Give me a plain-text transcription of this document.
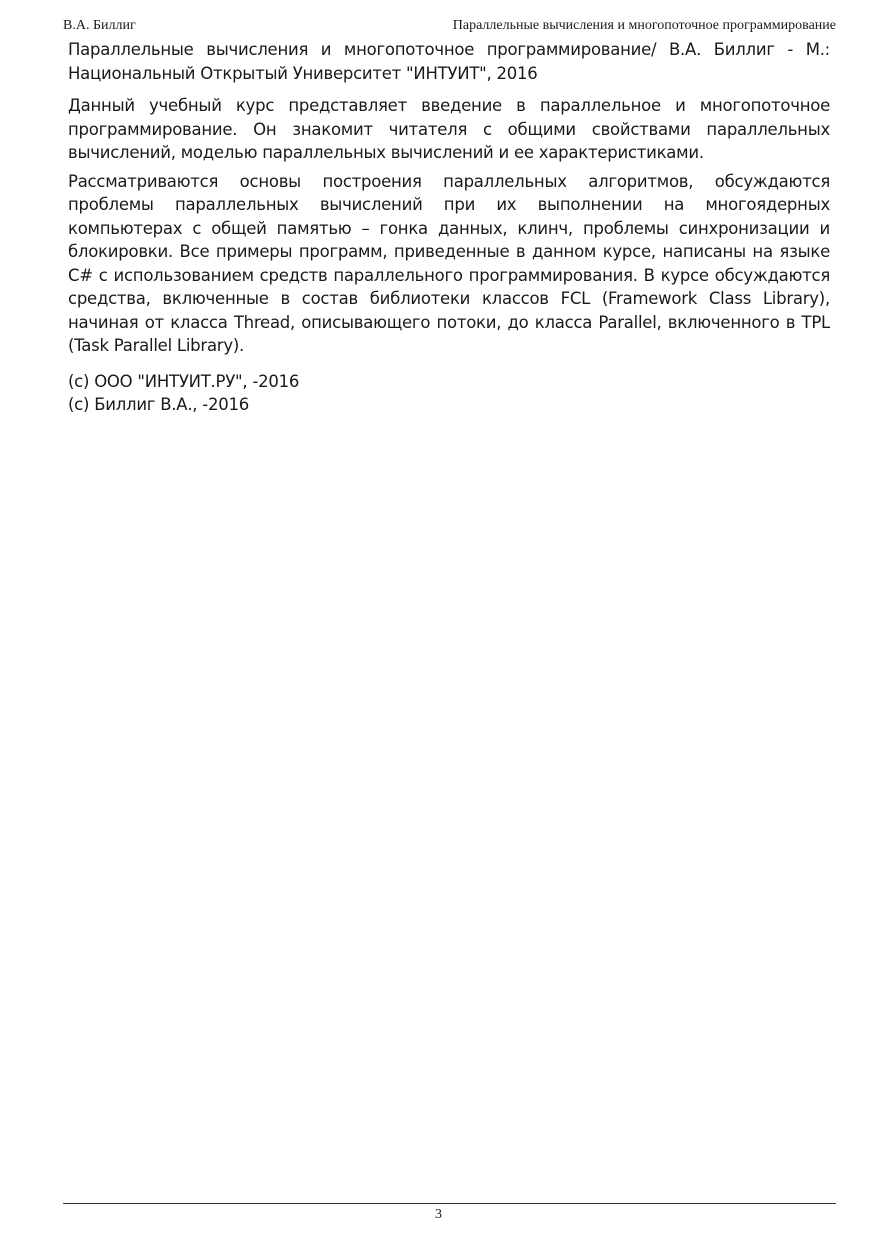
В.А. Биллиг	Параллельные вычисления и многопоточное программирование

Параллельные вычисления и многопоточное программирование/ В.А. Биллиг - М.: Национальный Открытый Университет "ИНТУИТ", 2016

Данный учебный курс представляет введение в параллельное и многопоточное программирование. Он знакомит читателя с общими свойствами параллельных вычислений, моделью параллельных вычислений и ее характеристиками.

Рассматриваются основы построения параллельных алгоритмов, обсуждаются проблемы параллельных вычислений при их выполнении на многоядерных компьютерах с общей памятью – гонка данных, клинч, проблемы синхронизации и блокировки. Все примеры программ, приведенные в данном курсе, написаны на языке C# с использованием средств параллельного программирования. В курсе обсуждаются средства, включенные в состав библиотеки классов FCL (Framework Class Library), начиная от класса Thread, описывающего потоки, до класса Parallel, включенного в TPL (Task Parallel Library).

(c) ООО "ИНТУИТ.РУ", -2016

(c) Биллиг В.А., -2016

3
